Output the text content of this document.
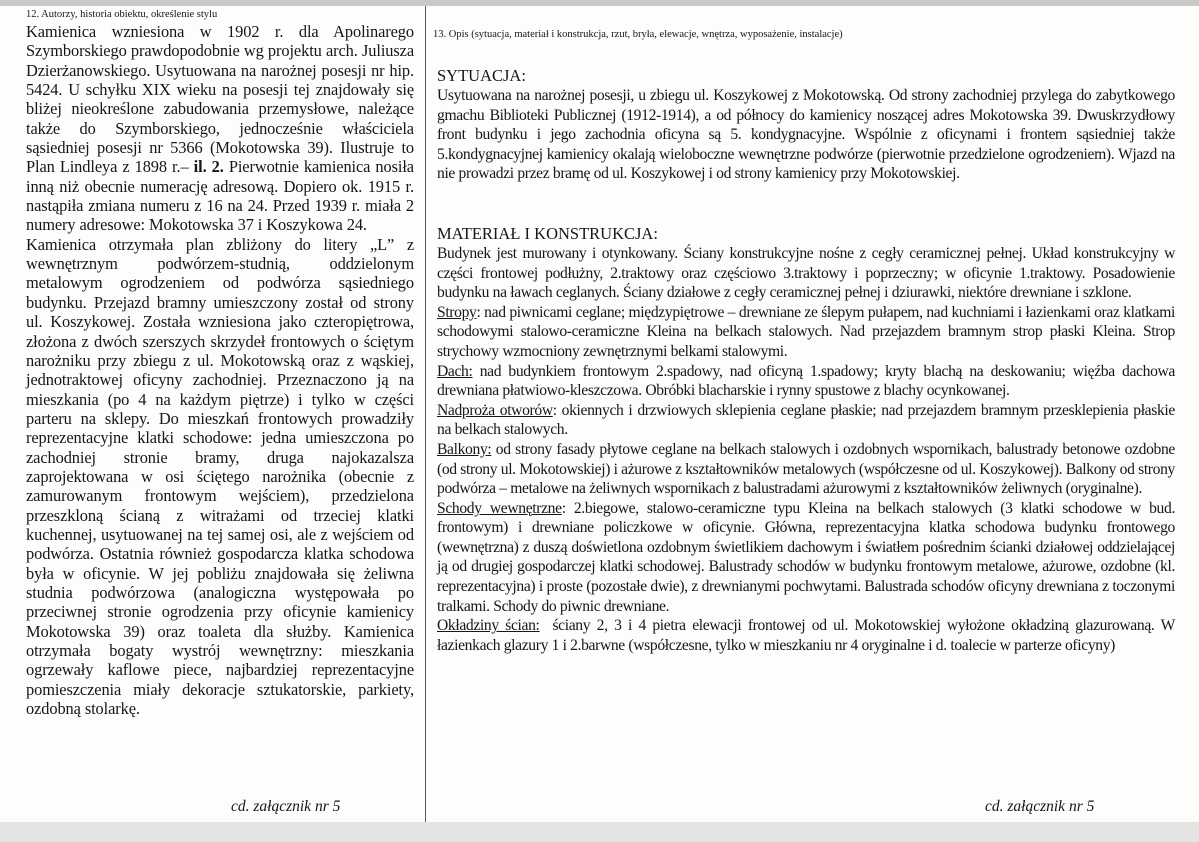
12. Autorzy, historia obiektu, określenie stylu

Kamienica wzniesiona w 1902 r. dla Apolinarego Szymborskiego prawdopodobnie wg projektu arch. Juliusza Dzierżanowskiego. Usytuowana na narożnej posesji nr hip. 5424. U schyłku XIX wieku na posesji tej znajdowały się bliżej nieokreślone zabudowania przemysłowe, należące także do Szymborskiego, jednocześnie właściciela sąsiedniej posesji nr 5366 (Mokotowska 39). Ilustruje to Plan Lindleya z 1898 r.– il. 2. Pierwotnie kamienica nosiła inną niż obecnie numerację adresową. Dopiero ok. 1915 r. nastąpiła zmiana numeru z 16 na 24. Przed 1939 r. miała 2 numery adresowe: Mokotowska 37 i Koszykowa 24.

Kamienica otrzymała plan zbliżony do litery „L” z wewnętrznym podwórzem-studnią, oddzielonym metalowym ogrodzeniem od podwórza sąsiedniego budynku. Przejazd bramny umieszczony został od strony ul. Koszykowej. Została wzniesiona jako czteropiętrowa, złożona z dwóch szerszych skrzydeł frontowych o ściętym narożniku przy zbiegu z ul. Mokotowską oraz z wąskiej, jednotraktowej oficyny zachodniej. Przeznaczono ją na mieszkania (po 4 na każdym piętrze) i tylko w części parteru na sklepy. Do mieszkań frontowych prowadziły reprezentacyjne klatki schodowe: jedna umieszczona po zachodniej stronie bramy, druga najokazalsza zaprojektowana w osi ściętego narożnika (obecnie z zamurowanym frontowym wejściem), przedzielona przeszkloną ścianą z witrażami od trzeciej klatki kuchennej, usytuowanej na tej samej osi, ale z wejściem od podwórza. Ostatnia również gospodarcza klatka schodowa była w oficynie. W jej pobliżu znajdowała się żeliwna studnia podwórzowa (analogiczna występowała po przeciwnej stronie ogrodzenia przy oficynie kamienicy Mokotowska 39) oraz toaleta dla służby. Kamienica otrzymała bogaty wystrój wewnętrzny: mieszkania ogrzewały kaflowe piece, najbardziej reprezentacyjne pomieszczenia miały dekoracje sztukatorskie, parkiety, ozdobną stolarkę.

cd. załącznik nr 5

13. Opis (sytuacja, materiał i konstrukcja, rzut, bryła, elewacje, wnętrza, wyposażenie, instalacje)

SYTUACJA:

Usytuowana na narożnej posesji, u zbiegu ul. Koszykowej z Mokotowską. Od strony zachodniej przylega do zabytkowego gmachu Biblioteki Publicznej (1912-1914), a od północy do kamienicy noszącej adres Mokotowska 39. Dwuskrzydłowy front budynku i jego zachodnia oficyna są 5. kondygnacyjne. Wspólnie z oficynami i frontem sąsiedniej także 5.kondygnacyjnej kamienicy okalają wieloboczne wewnętrzne podwórze (pierwotnie przedzielone ogrodzeniem). Wjazd na nie prowadzi przez bramę od ul. Koszykowej i od strony kamienicy przy Mokotowskiej.

MATERIAŁ I KONSTRUKCJA:

Budynek jest murowany i otynkowany. Ściany konstrukcyjne nośne z cegły ceramicznej pełnej. Układ konstrukcyjny w części frontowej podłużny, 2.traktowy oraz częściowo 3.traktowy i poprzeczny; w oficynie 1.traktowy. Posadowienie budynku na ławach ceglanych. Ściany działowe z cegły ceramicznej pełnej i dziurawki, niektóre drewniane i szklone.

Stropy: nad piwnicami ceglane; międzypiętrowe – drewniane ze ślepym pułapem, nad kuchniami i łazienkami oraz klatkami schodowymi stalowo-ceramiczne Kleina na belkach stalowych. Nad przejazdem bramnym strop płaski Kleina. Strop strychowy wzmocniony zewnętrznymi belkami stalowymi.

Dach: nad budynkiem frontowym 2.spadowy, nad oficyną 1.spadowy; kryty blachą na deskowaniu; więźba dachowa drewniana płatwiowo-kleszczowa. Obróbki blacharskie i rynny spustowe z blachy ocynkowanej.

Nadproża otworów: okiennych i drzwiowych sklepienia ceglane płaskie; nad przejazdem bramnym przesklepienia płaskie na belkach stalowych.

Balkony: od strony fasady płytowe ceglane na belkach stalowych i ozdobnych wspornikach, balustrady betonowe ozdobne (od strony ul. Mokotowskiej) i ażurowe z kształtowników metalowych (współczesne od ul. Koszykowej). Balkony od strony podwórza – metalowe na żeliwnych wspornikach z balustradami ażurowymi z kształtowników żeliwnych (oryginalne).

Schody wewnętrzne: 2.biegowe, stalowo-ceramiczne typu Kleina na belkach stalowych (3 klatki schodowe w bud. frontowym) i drewniane policzkowe w oficynie. Główna, reprezentacyjna klatka schodowa budynku frontowego (wewnętrzna) z duszą doświetlona ozdobnym świetlikiem dachowym i światłem pośrednim ścianki działowej oddzielającej ją od drugiej gospodarczej klatki schodowej. Balustrady schodów w budynku frontowym metalowe, ażurowe, ozdobne (kl. reprezentacyjna) i proste (pozostałe dwie), z drewnianymi pochwytami. Balustrada schodów oficyny drewniana z toczonymi tralkami. Schody do piwnic drewniane.

Okładziny ścian:  ściany 2, 3 i 4 pietra elewacji frontowej od ul. Mokotowskiej wyłożone okładziną glazurowaną. W łazienkach glazury 1 i 2.barwne (współczesne, tylko w mieszkaniu nr 4 oryginalne i d. toalecie w parterze oficyny)

cd. załącznik nr 5
